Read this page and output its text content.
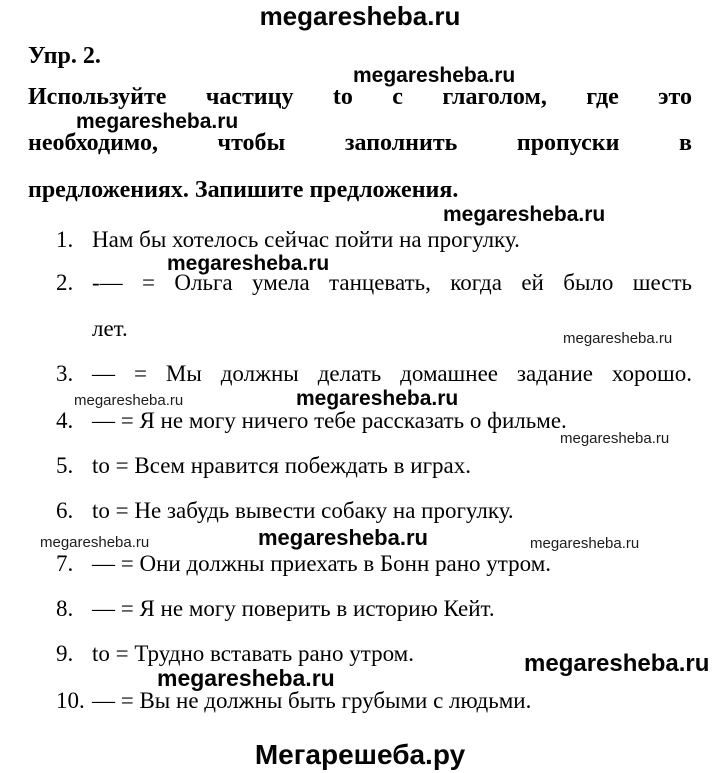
megaresheba.ru
Упр. 2.
Используйте частицу to с глаголом, где это
необходимо, чтобы заполнить пропуски в
предложениях. Запишите предложения.
1. Нам бы хотелось сейчас пойти на прогулку.
2. -— = Ольга умела танцевать, когда ей было шесть
лет.
3. — = Мы должны делать домашнее задание хорошо.
4. — = Я не могу ничего тебе рассказать о фильме.
5. to = Всем нравится побеждать в играх.
6. to = Не забудь вывести собаку на прогулку.
7. — = Они должны приехать в Бонн рано утром.
8. — = Я не могу поверить в историю Кейт.
9. to = Трудно вставать рано утром.
10. — = Вы не должны быть грубыми с людьми.
megaresheba.ru
megaresheba.ru
megaresheba.ru
megaresheba.ru
megaresheba.ru
megaresheba.ru	megaresheba.ru
megaresheba.ru
megaresheba.ru	megaresheba.ru	megaresheba.ru
megaresheba.ru
megaresheba.ru
Мегарешеба.ру
